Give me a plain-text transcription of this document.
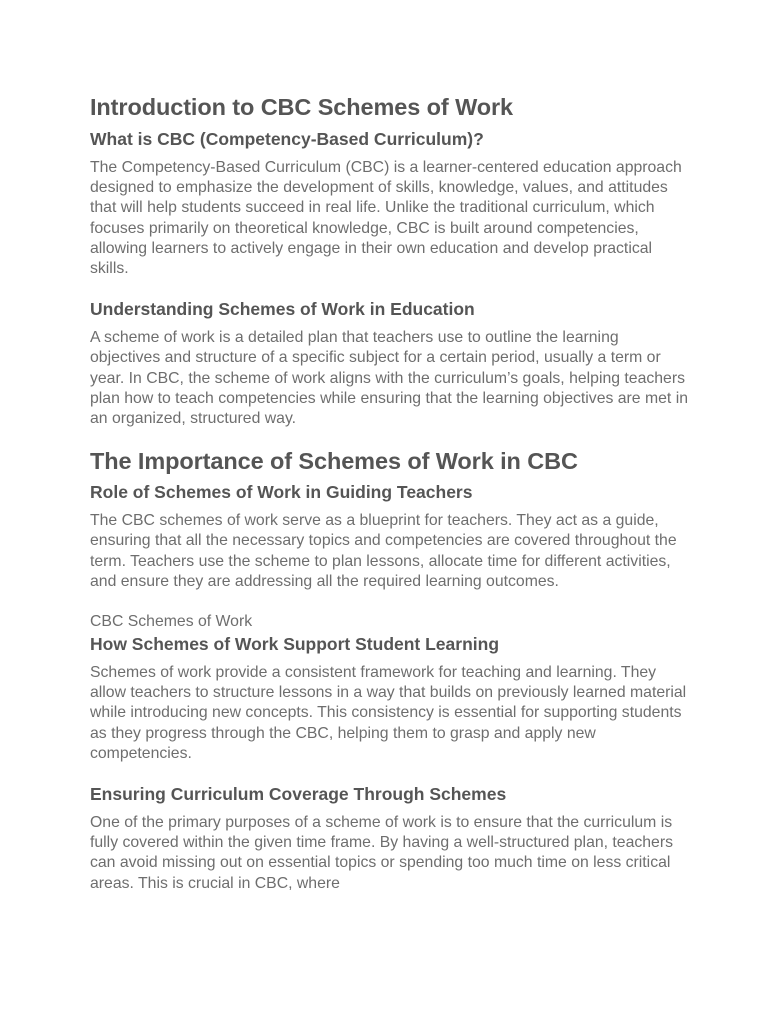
Introduction to CBC Schemes of Work
What is CBC (Competency-Based Curriculum)?

The Competency-Based Curriculum (CBC) is a learner-centered education approach designed to emphasize the development of skills, knowledge, values, and attitudes that will help students succeed in real life. Unlike the traditional curriculum, which focuses primarily on theoretical knowledge, CBC is built around competencies, allowing learners to actively engage in their own education and develop practical skills.

Understanding Schemes of Work in Education

A scheme of work is a detailed plan that teachers use to outline the learning objectives and structure of a specific subject for a certain period, usually a term or year. In CBC, the scheme of work aligns with the curriculum’s goals, helping teachers plan how to teach competencies while ensuring that the learning objectives are met in an organized, structured way.

The Importance of Schemes of Work in CBC
Role of Schemes of Work in Guiding Teachers

The CBC schemes of work serve as a blueprint for teachers. They act as a guide, ensuring that all the necessary topics and competencies are covered throughout the term. Teachers use the scheme to plan lessons, allocate time for different activities, and ensure they are addressing all the required learning outcomes.

CBC Schemes of Work
How Schemes of Work Support Student Learning

Schemes of work provide a consistent framework for teaching and learning. They allow teachers to structure lessons in a way that builds on previously learned material while introducing new concepts. This consistency is essential for supporting students as they progress through the CBC, helping them to grasp and apply new competencies.

Ensuring Curriculum Coverage Through Schemes

One of the primary purposes of a scheme of work is to ensure that the curriculum is fully covered within the given time frame. By having a well-structured plan, teachers can avoid missing out on essential topics or spending too much time on less critical areas. This is crucial in CBC, where
